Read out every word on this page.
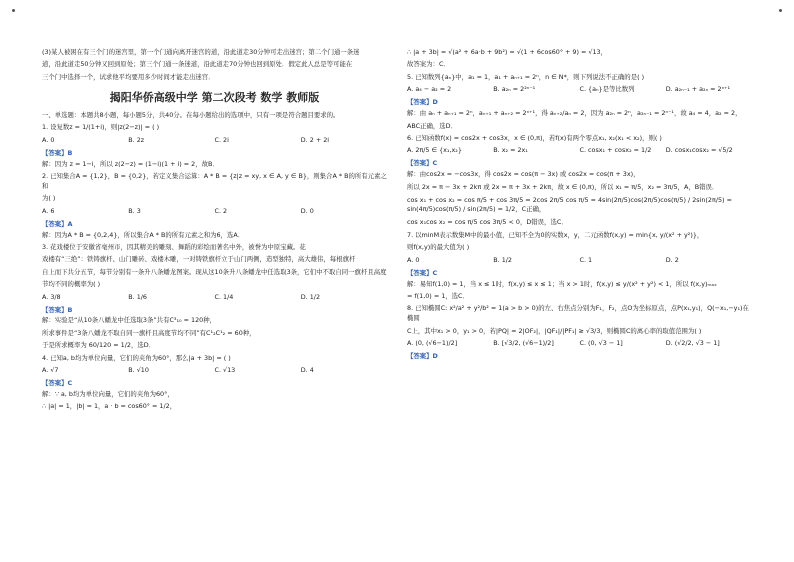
(3)某人被困在有三个门的迷宫里，第一个门通向离开迷宫的道，沿此道走30分钟可走出迷宫；第二个门通一条迷
道，沿此道走50分钟又回到原处；第三个门通一条迷道，沿此道走70分钟也回到原处．假定此人总是等可能在
三个门中选择一个，试求他平均要用多少时间才能走出迷宫．
揭阳华侨高级中学 第二次段考 数学 教师版
一、单选题：本题共8小题，每小题5分，共40分。在每小题给出的选项中，只有一项是符合题目要求的。
1. 设复数z = 1/(1+i)，则|z(2−z)| = ( )
A. 0	B. 2z	C. 2i	D. 2 + 2i
【答案】B
解：因为 z = 1−i，所以 z(2−z) = (1−i)(1 + i) = 2，故B．
2. 已知集合A = {1,2}，B = {0,2}，若定义集合运算：A * B = {z|z = xy, x ∈ A, y ∈ B}，则集合A * B的所有元素之和
为( )
A. 6	B. 3	C. 2	D. 0
【答案】A
解：因为A * B = {0,2,4}，所以集合A * B的所有元素之和为6，选A．
3. 花戏楼位于安徽省亳州市，因其精美的雕刻、舞蹈的彩绘而著名中外，被誉为中原宝藏。花
戏楼有“三绝”：铁铸旗杆、山门雕砖、戏楼木雕，一对铸铁旗杆立于山门两侧，造型独特，高大雄伟，每根旗杆
自上而下共分五节，每节分别有一条升八条蟠龙图案。现从这10条升八条蟠龙中任选取3条，它们中不取自同一旗杆且高度
节均不同的概率为( )
A. 3/8	B. 1/6	C. 1/4	D. 1/2
【答案】B
解：实验是“从10条八蟠龙中任选取3条”共有C³₁₀ = 120种，
所求事件是“3条八蟠龙不取自同一旗杆且高度节均不同”有C¹₂C¹₂ = 60种，
于是所求概率为 60/120 = 1/2，选D．
4. 已知a, b均为单位向量，它们的夹角为60°，那么|a + 3b| = ( )
A. √7	B. √10	C. √13	D. 4
【答案】C
解：∵ a, b均为单位向量，它们的夹角为60°，
∴ |a| = 1，|b| = 1，a · b = cos60° = 1/2，
∴ |a + 3b| = √(a² + 6a·b + 9b²) = √(1 + 6cos60° + 9) = √13，
故答案为：C．
5. 已知数列{aₙ}中，a₁ = 1，a₁ + aₙ₊₁ = 2ⁿ，n ∈ N*，则下列说法不正确的是( )
A. a₄ − a₂ = 2	B. a₂ₙ = 2²ⁿ⁻¹	C. {aₙ}是等比数列	D. a₂ₙ₋₁ + a₂ₙ = 2ⁿ⁺¹
【答案】D
解：由 aₙ + aₙ₊₁ = 2ⁿ，aₙ₊₁ + aₙ₊₂ = 2ⁿ⁺¹，得 aₙ₊₂/aₙ = 2，因为 a₂ₙ = 2ⁿ，a₂ₙ₋₁ = 2ⁿ⁻¹，故 a₄ = 4，a₂ = 2，
ABC正确，选D．
6. 已知函数f(x) = cos2x + cos3x，x ∈ (0,π)，若f(x)有两个零点x₁, x₂(x₁ < x₂)，则( )
A. 2π/5 ∈ {x₁,x₂}	B. x₂ = 2x₁	C. cosx₁ + cosx₂ = 1/2	D. cosx₁cosx₂ = √5/2
【答案】C
解：由cos2x = −cos3x，得 cos2x = cos(π − 3x) 或 cos2x = cos(π + 3x)，
所以 2x = π − 3x + 2kπ 或 2x = π + 3x + 2kπ，故 x ∈ (0,π)，所以 x₁ = π/5，x₂ = 3π/5，A，B错误．
cos x₁ + cos x₂ = cos π/5 + cos 3π/5 = 2cos 2π/5 cos π/5 = 4sin(2π/5)cos(2π/5)cos(π/5) / 2sin(2π/5) = sin(4π/5)cos(π/5) / sin(2π/5) = 1/2，C正确，
cos x₁cos x₂ = cos π/5 cos 3π/5 < 0，D错误，选C．
7. 以minM表示数集M中的最小值，已知不全为0的实数x，y，二元函数f(x,y) = min{x, y/(x² + y²)}，
则f(x,y)的最大值为( )
A. 0	B. 1/2	C. 1	D. 2
【答案】C
解：易知f(1,0) = 1，当 x ≤ 1时，f(x,y) ≤ x ≤ 1；当 x > 1时，f(x,y) ≤ y/(x² + y²) < 1，所以 f(x,y)ₘₐₓ
= f(1,0) = 1，选C．
8. 已知椭圆C: x²/a² + y²/b² = 1(a > b > 0)的左、右焦点分别为F₁，F₂，点O为坐标原点，点P(x₁,y₁)，Q(−x₁,−y₁)在椭圆
C上，其中x₁ > 0，y₁ > 0，若|PQ| = 2|OF₂|，|QF₁|/|PF₁| ≥ √3/3，则椭圆C的离心率的取值范围为( )
A. (0, (√6−1)/2]	B. [√3/2, (√6−1)/2]	C. (0, √3 − 1]	D. (√2/2, √3 − 1]
【答案】D
